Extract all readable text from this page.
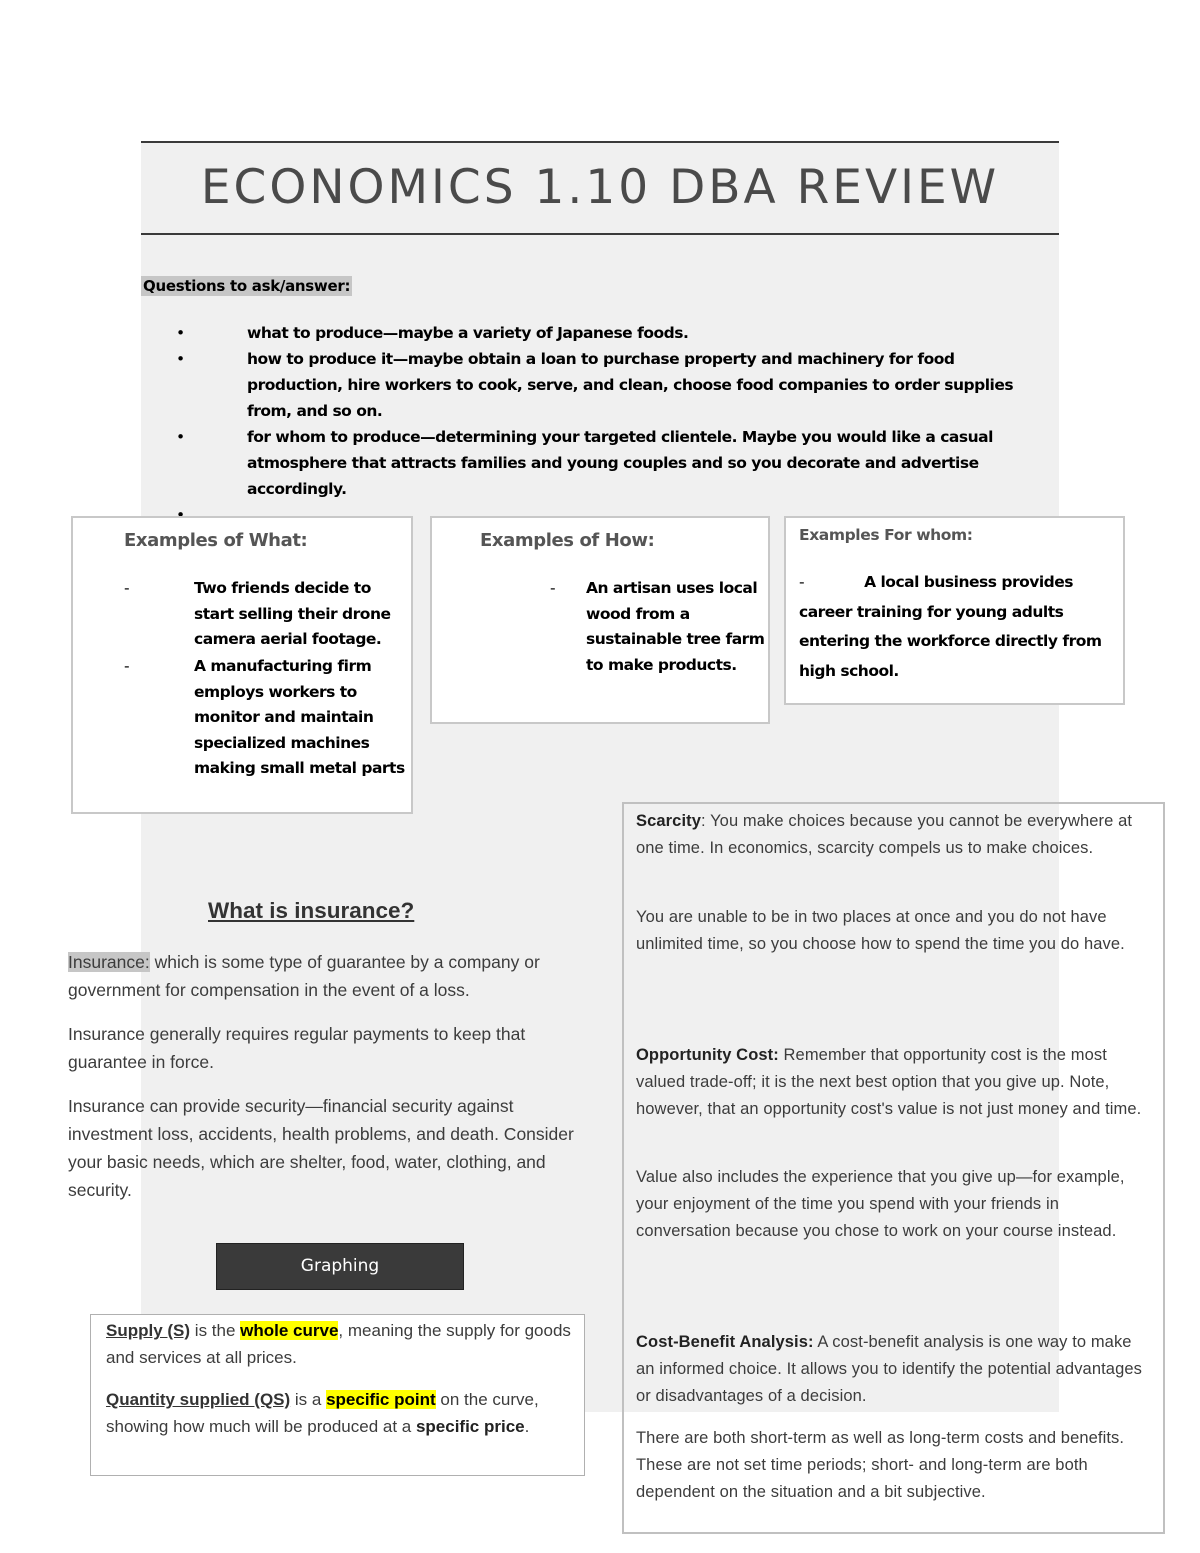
ECONOMICS 1.10 DBA REVIEW
Questions to ask/answer:
• what to produce—maybe a variety of Japanese foods.
• how to produce it—maybe obtain a loan to purchase property and machinery for food production, hire workers to cook, serve, and clean, choose food companies to order supplies from, and so on.
• for whom to produce—determining your targeted clientele. Maybe you would like a casual atmosphere that attracts families and young couples and so you decorate and advertise accordingly.
•
Examples of What:
-	Two friends decide to start selling their drone camera aerial footage.
-	A manufacturing firm employs workers to monitor and maintain specialized machines making small metal parts
Examples of How:
- An artisan uses local wood from a sustainable tree farm to make products.
Examples For whom:
-	A local business provides career training for young adults entering the workforce directly from high school.
What is insurance?
Insurance: which is some type of guarantee by a company or government for compensation in the event of a loss.
Insurance generally requires regular payments to keep that guarantee in force.
Insurance can provide security—financial security against investment loss, accidents, health problems, and death. Consider your basic needs, which are shelter, food, water, clothing, and security.
Graphing
Supply (S) is the whole curve, meaning the supply for goods and services at all prices.
Quantity supplied (QS) is a specific point on the curve, showing how much will be produced at a specific price.
Scarcity: You make choices because you cannot be everywhere at one time. In economics, scarcity compels us to make choices.
You are unable to be in two places at once and you do not have unlimited time, so you choose how to spend the time you do have.
Opportunity Cost: Remember that opportunity cost is the most valued trade-off; it is the next best option that you give up. Note, however, that an opportunity cost's value is not just money and time.
Value also includes the experience that you give up—for example, your enjoyment of the time you spend with your friends in conversation because you chose to work on your course instead.
Cost-Benefit Analysis: A cost-benefit analysis is one way to make an informed choice. It allows you to identify the potential advantages or disadvantages of a decision.
There are both short-term as well as long-term costs and benefits. These are not set time periods; short- and long-term are both dependent on the situation and a bit subjective.
